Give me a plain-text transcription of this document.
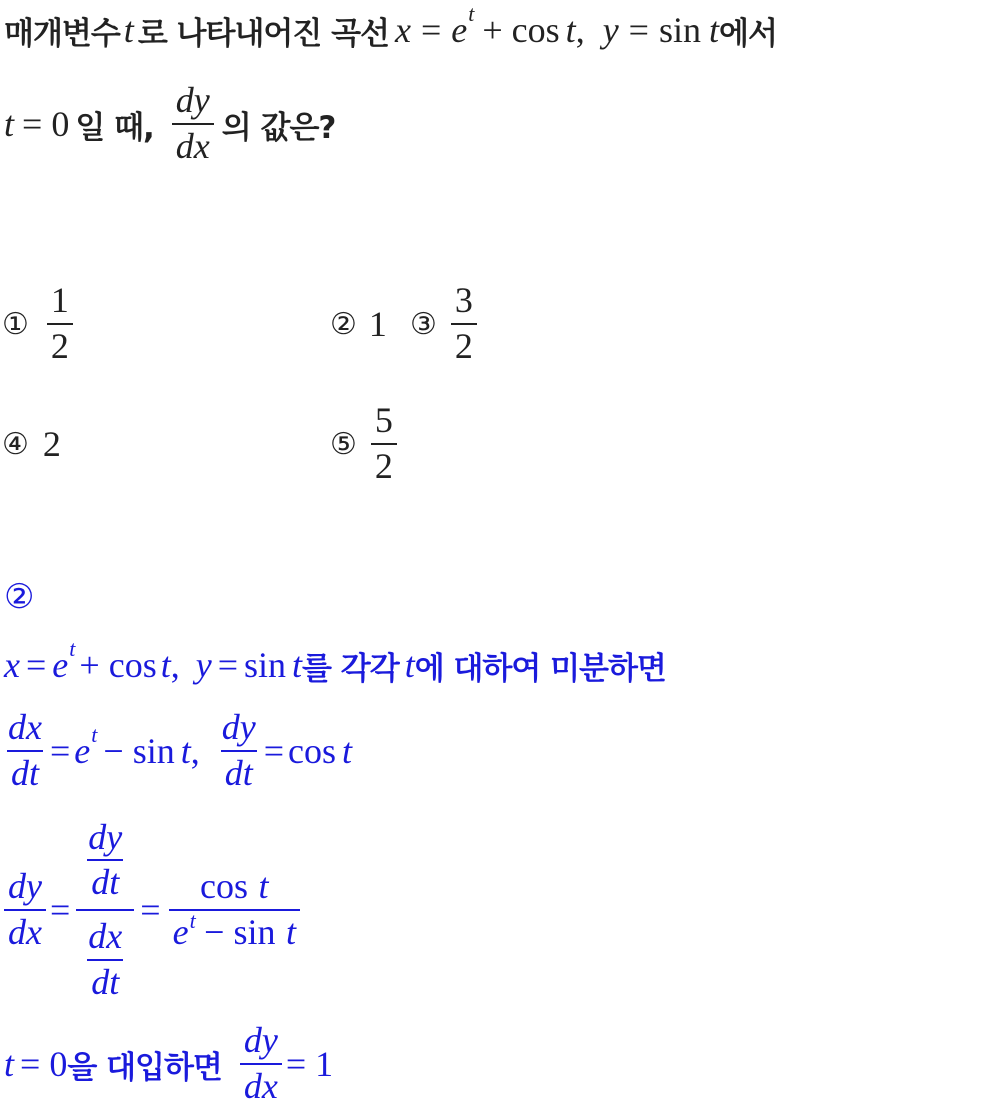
매개변수 t 로 나타내어진 곡선 x = e t + cos t , y = sin t 에서
t = 0 일 때, $\frac{dy}{dx}$ 의 값은?
① $\frac{1}{2}$	② 1 ③ $\frac{3}{2}$
④ 2	⑤ $\frac{5}{2}$
②
x = e t + cos t , y = sin t 를 각각 t 에 대하여 미분하면
$\frac{dx}{dt} = e$ t − sin t , $\frac{dy}{dt} = \cos t$
$\frac{dy}{dx} = \frac{\frac{dy}{dt}}{\frac{dx}{dt}} = \frac{\text{cos t}}{\text{et − sin t}}$
t = 0 을 대입하면 $\frac{dy}{dx} = 1$
